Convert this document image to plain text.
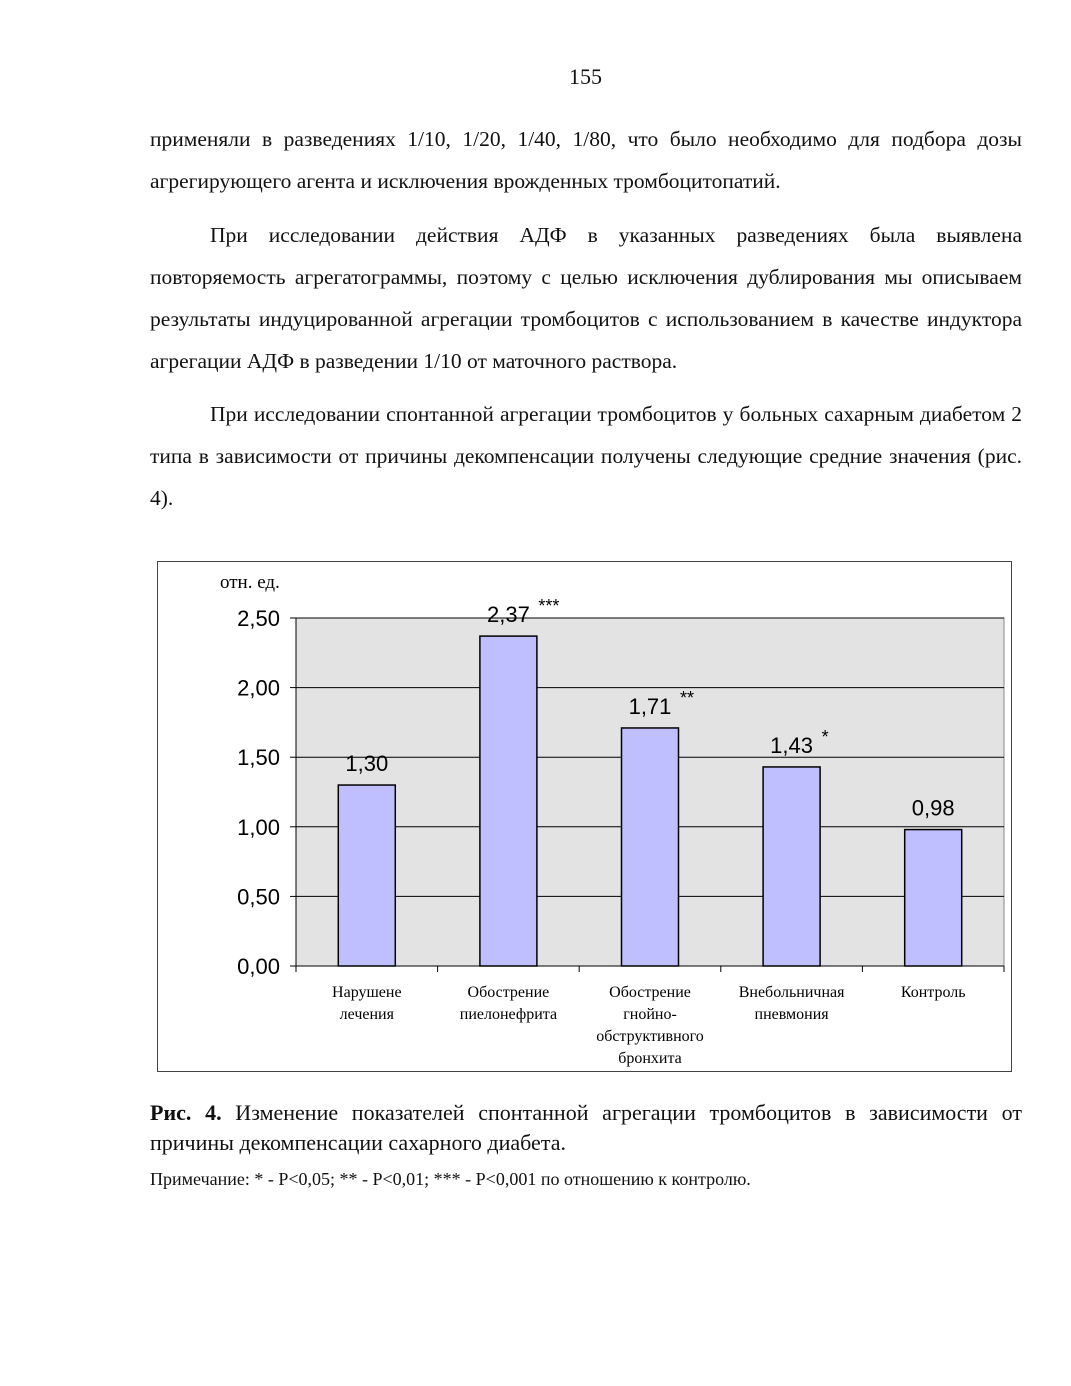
155

применяли в разведениях 1/10, 1/20, 1/40, 1/80, что было необходимо для подбора дозы агрегирующего агента и исключения врожденных тромбоцитопатий.

При исследовании действия АДФ в указанных разведениях была выявлена повторяемость агрегатограммы, поэтому с целью исключения дублирования мы описываем результаты индуцированной агрегации тромбоцитов с использованием в качестве индуктора агрегации АДФ в разведении 1/10 от маточного раствора.

При исследовании спонтанной агрегации тромбоцитов у больных сахарным диабетом 2 типа в зависимости от причины декомпенсации получены следующие средние значения (рис. 4).

0,00
0,50
1,00
1,50
2,00
2,50
отн. ед.
1,30
Нарушене
лечения
2,37 ***
Обострение
пиелонефрита
1,71 **
Обострение
гнойно-
обструктивного
бронхита
1,43 *
Внебольничная
пневмония
0,98
Контроль

Рис. 4. Изменение показателей спонтанной агрегации тромбоцитов в зависимости от причины декомпенсации сахарного диабета.

Примечание: * - P<0,05; ** - P<0,01; *** - P<0,001 по отношению к контролю.
